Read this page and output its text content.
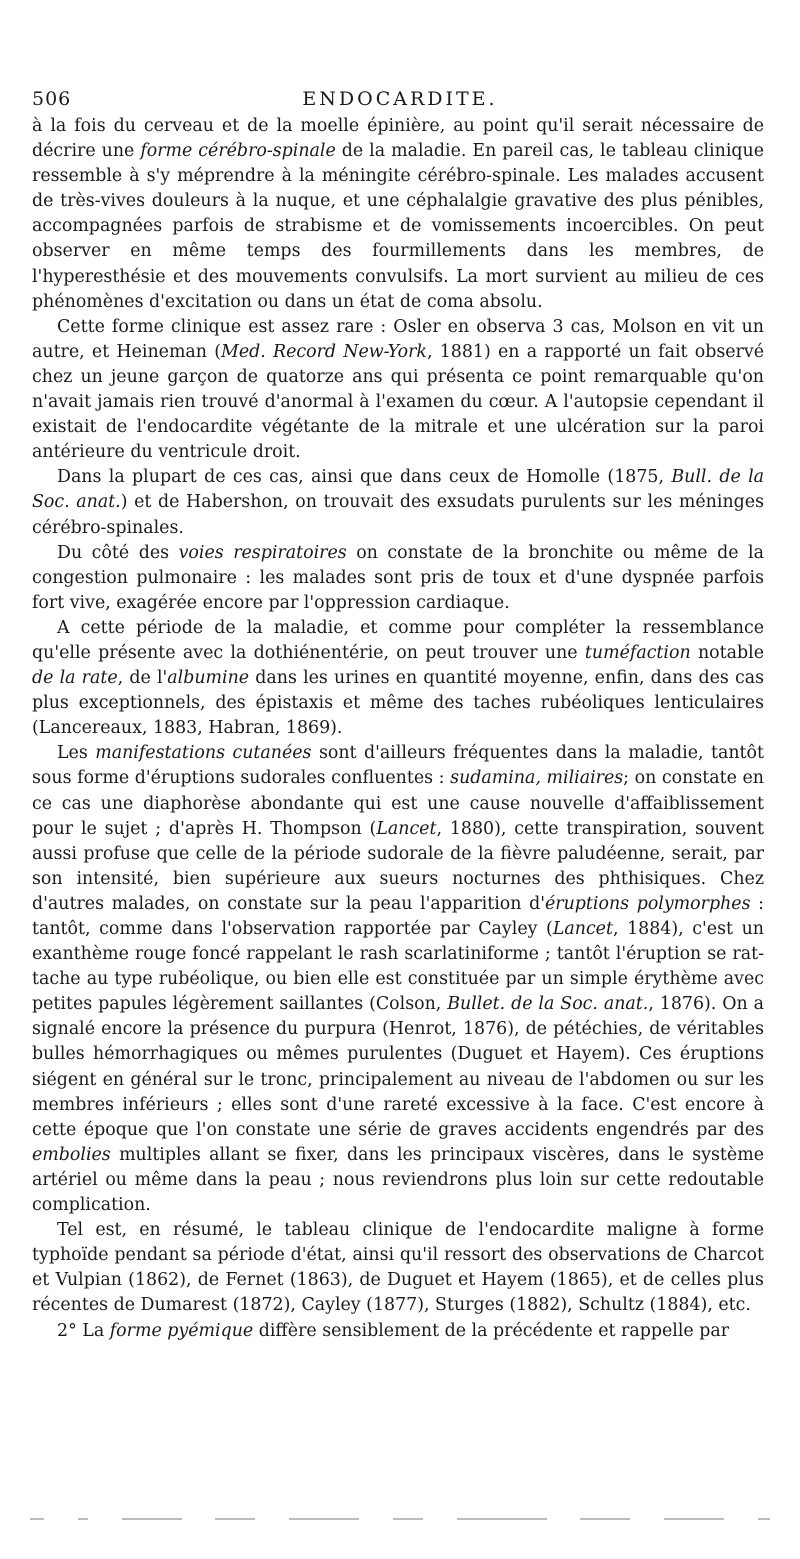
506	ENDOCARDITE.

à la fois du cerveau et de la moelle épinière, au point qu'il serait nécessaire de décrire une forme cérébro-spinale de la maladie. En pareil cas, le tableau clinique ressemble à s'y méprendre à la méningite cérébro-spinale. Les malades accusent de très-vives douleurs à la nuque, et une céphalalgie gravative des plus pénibles, accompagnées parfois de strabisme et de vomissements incoercibles. On peut observer en même temps des fourmillements dans les membres, de l'hyperesthésie et des mouvements convulsifs. La mort survient au milieu de ces phénomènes d'excitation ou dans un état de coma absolu.

Cette forme clinique est assez rare : Osler en observa 3 cas, Molson en vit un autre, et Heineman (Med. Record New-York, 1881) en a rapporté un fait observé chez un jeune garçon de quatorze ans qui présenta ce point remarquable qu'on n'avait jamais rien trouvé d'anormal à l'examen du cœur. A l'autopsie cependant il existait de l'endocardite végétante de la mitrale et une ulcération sur la paroi antérieure du ventricule droit.

Dans la plupart de ces cas, ainsi que dans ceux de Homolle (1875, Bull. de la Soc. anat.) et de Habershon, on trouvait des exsudats purulents sur les méninges cérébro-spinales.

Du côté des voies respiratoires on constate de la bronchite ou même de la congestion pulmonaire : les malades sont pris de toux et d'une dyspnée parfois fort vive, exagérée encore par l'oppression cardiaque.

A cette période de la maladie, et comme pour compléter la ressemblance qu'elle présente avec la dothiénentérie, on peut trouver une tuméfaction notable de la rate, de l'albumine dans les urines en quantité moyenne, enfin, dans des cas plus exceptionnels, des épistaxis et même des taches rubéoliques lenticulaires (Lancereaux, 1883, Habran, 1869).

Les manifestations cutanées sont d'ailleurs fréquentes dans la maladie, tantôt sous forme d'éruptions sudorales confluentes : sudamina, miliaires; on constate en ce cas une diaphorèse abondante qui est une cause nouvelle d'affaiblissement pour le sujet ; d'après H. Thompson (Lancet, 1880), cette transpiration, souvent aussi profuse que celle de la période sudorale de la fièvre paludéenne, serait, par son intensité, bien supérieure aux sueurs nocturnes des phthisiques. Chez d'autres malades, on constate sur la peau l'apparition d'éruptions polymorphes : tantôt, comme dans l'observation rapportée par Cayley (Lancet, 1884), c'est un exanthème rouge foncé rappelant le rash scarlatiniforme ; tantôt l'éruption se rattache au type rubéolique, ou bien elle est constituée par un simple érythème avec petites papules légèrement saillantes (Colson, Bullet. de la Soc. anat., 1876). On a signalé encore la présence du purpura (Henrot, 1876), de pétéchies, de véritables bulles hémorrhagiques ou mêmes purulentes (Duguet et Hayem). Ces éruptions siégent en général sur le tronc, principalement au niveau de l'abdomen ou sur les membres inférieurs ; elles sont d'une rareté excessive à la face. C'est encore à cette époque que l'on constate une série de graves accidents engendrés par des embolies multiples allant se fixer, dans les principaux viscères, dans le système artériel ou même dans la peau ; nous reviendrons plus loin sur cette redoutable complication.

Tel est, en résumé, le tableau clinique de l'endocardite maligne à forme typhoïde pendant sa période d'état, ainsi qu'il ressort des observations de Charcot et Vulpian (1862), de Fernet (1863), de Duguet et Hayem (1865), et de celles plus récentes de Dumarest (1872), Cayley (1877), Sturges (1882), Schultz (1884), etc.

2° La forme pyémique diffère sensiblement de la précédente et rappelle par
